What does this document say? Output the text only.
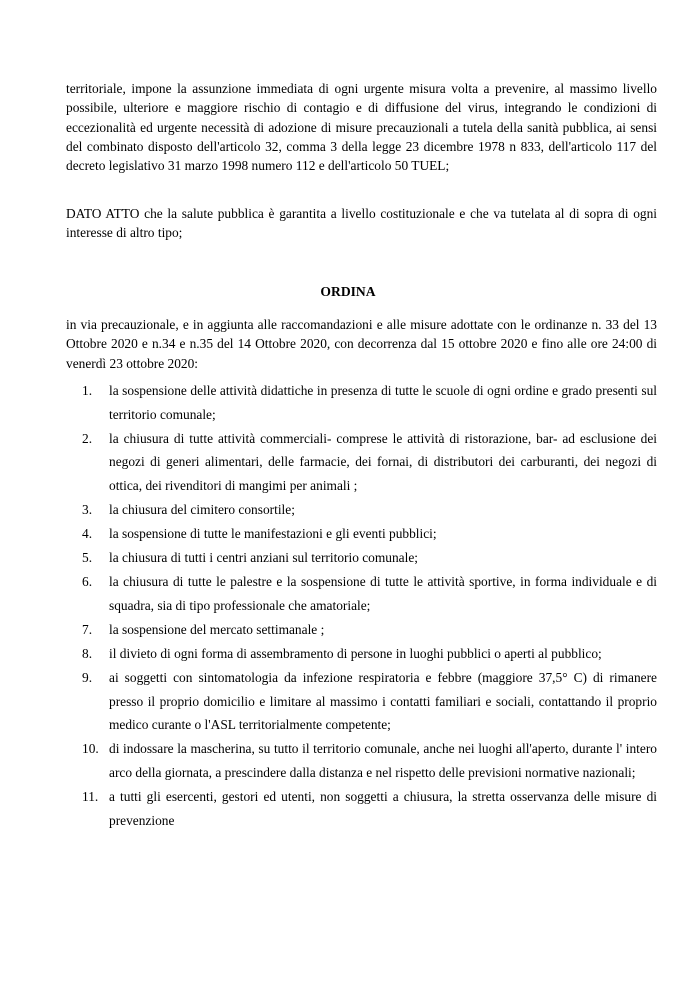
territoriale, impone la assunzione immediata di ogni urgente misura volta a prevenire, al massimo livello possibile, ulteriore e maggiore rischio di contagio e di diffusione del virus, integrando le condizioni di eccezionalità ed urgente necessità di adozione di misure precauzionali a tutela della sanità pubblica, ai sensi del combinato disposto dell'articolo 32, comma 3 della legge 23 dicembre 1978 n 833, dell'articolo 117 del decreto legislativo 31 marzo 1998 numero 112 e dell'articolo 50 TUEL;

DATO ATTO che la salute pubblica è garantita a livello costituzionale e che va tutelata al di sopra di ogni interesse di altro tipo;

ORDINA

in via precauzionale, e in aggiunta alle raccomandazioni e alle misure adottate con le ordinanze n. 33 del 13 Ottobre 2020 e n.34 e n.35 del 14 Ottobre 2020, con decorrenza dal 15 ottobre 2020 e fino alle ore 24:00 di venerdì 23 ottobre 2020:

1. la sospensione delle attività didattiche in presenza di tutte le scuole di ogni ordine e grado presenti sul territorio comunale;
2. la chiusura di tutte attività commerciali- comprese le attività di ristorazione, bar- ad esclusione dei negozi di generi alimentari, delle farmacie, dei fornai, di distributori dei carburanti, dei negozi di ottica, dei rivenditori di mangimi per animali ;
3. la chiusura del cimitero consortile;
4. la sospensione di tutte le manifestazioni e gli eventi pubblici;
5. la chiusura di tutti i centri anziani sul territorio comunale;
6. la chiusura di tutte le palestre e la sospensione di tutte le attività sportive, in forma individuale e di squadra, sia di tipo professionale che amatoriale;
7. la sospensione del mercato settimanale ;
8. il divieto di ogni forma di assembramento di persone in luoghi pubblici o aperti al pubblico;
9. ai soggetti con sintomatologia da infezione respiratoria e febbre (maggiore 37,5° C) di rimanere presso il proprio domicilio e limitare al massimo i contatti familiari e sociali, contattando il proprio medico curante o l'ASL territorialmente competente;
10. di indossare la mascherina, su tutto il territorio comunale, anche nei luoghi all'aperto, durante l' intero arco della giornata, a prescindere dalla distanza e nel rispetto delle previsioni normative nazionali;
11. a tutti gli esercenti, gestori ed utenti, non soggetti a chiusura, la stretta osservanza delle misure di prevenzione
